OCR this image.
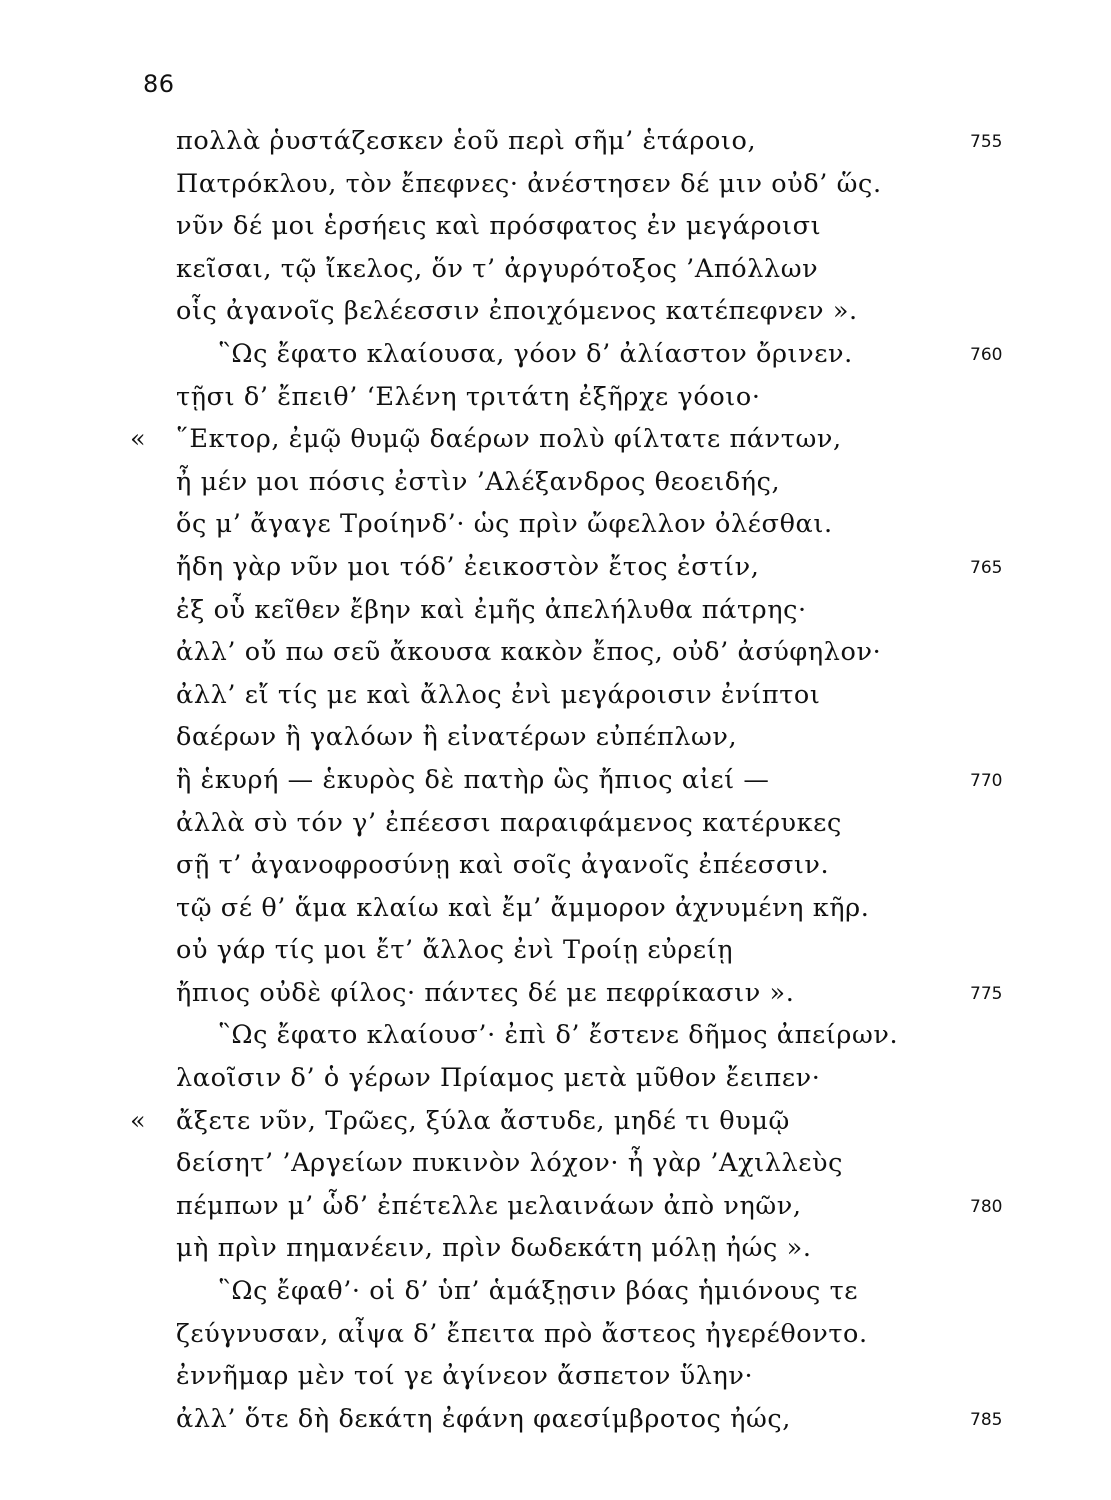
86
πολλὰ ῥυστάζεσκεν ἑοῦ περὶ σῆμ’ ἑτάροιο,	755
Πατρόκλου, τὸν ἔπεφνες· ἀνέστησεν δέ μιν οὐδ’ ὥς.
νῦν δέ μοι ἑρσήεις καὶ πρόσφατος ἐν μεγάροισι
κεῖσαι, τῷ ἴκελος, ὅν τ’ ἀργυρότοξος ’Απόλλων
οἷς ἀγανοῖς βελέεσσιν ἐποιχόμενος κατέπεφνεν ».
῝Ως ἔφατο κλαίουσα, γόον δ’ ἀλίαστον ὄρινεν.	760
τῇσι δ’ ἔπειθ’ ‘Ελένη τριτάτη ἐξῆρχε γόοιο·
«	῞Εκτορ, ἐμῷ θυμῷ δαέρων πολὺ φίλτατε πάντων,
ἦ μέν μοι πόσις ἐστὶν ’Αλέξανδρος θεοειδής,
ὅς μ’ ἄγαγε Τροίηνδ’· ὡς πρὶν ὤφελλον ὀλέσθαι.
ἤδη γὰρ νῦν μοι τόδ’ ἐεικοστὸν ἔτος ἐστίν,	765
ἐξ οὗ κεῖθεν ἔβην καὶ ἐμῆς ἀπελήλυθα πάτρης·
ἀλλ’ οὔ πω σεῦ ἄκουσα κακὸν ἔπος, οὐδ’ ἀσύφηλον·
ἀλλ’ εἴ τίς με καὶ ἄλλος ἐνὶ μεγάροισιν ἐνίπτοι
δαέρων ἢ γαλόων ἢ εἰνατέρων εὐπέπλων,
ἢ ἑκυρή — ἑκυρὸς δὲ πατὴρ ὣς ἤπιος αἰεί —	770
ἀλλὰ σὺ τόν γ’ ἐπέεσσι παραιφάμενος κατέρυκες
σῇ τ’ ἀγανοφροσύνῃ καὶ σοῖς ἀγανοῖς ἐπέεσσιν.
τῷ σέ θ’ ἅμα κλαίω καὶ ἔμ’ ἄμμορον ἀχνυμένη κῆρ.
οὐ γάρ τίς μοι ἔτ’ ἄλλος ἐνὶ Τροίῃ εὐρείῃ
ἤπιος οὐδὲ φίλος· πάντες δέ με πεφρίκασιν ».	775
῝Ως ἔφατο κλαίουσ’· ἐπὶ δ’ ἔστενε δῆμος ἀπείρων.
λαοῖσιν δ’ ὁ γέρων Πρίαμος μετὰ μῦθον ἔειπεν·
«	ἄξετε νῦν, Τρῶες, ξύλα ἄστυδε, μηδέ τι θυμῷ
δείσητ’ ’Αργείων πυκινὸν λόχον· ἦ γὰρ ’Αχιλλεὺς
πέμπων μ’ ὧδ’ ἐπέτελλε μελαινάων ἀπὸ νηῶν,	780
μὴ πρὶν πημανέειν, πρὶν δωδεκάτη μόλῃ ἠώς ».
῝Ως ἔφαθ’· οἱ δ’ ὑπ’ ἁμάξῃσιν βόας ἡμιόνους τε
ζεύγνυσαν, αἶψα δ’ ἔπειτα πρὸ ἄστεος ἠγερέθοντο.
ἐννῆμαρ μὲν τοί γε ἀγίνεον ἄσπετον ὕλην·
ἀλλ’ ὅτε δὴ δεκάτη ἐφάνη φαεσίμβροτος ἠώς,	785
